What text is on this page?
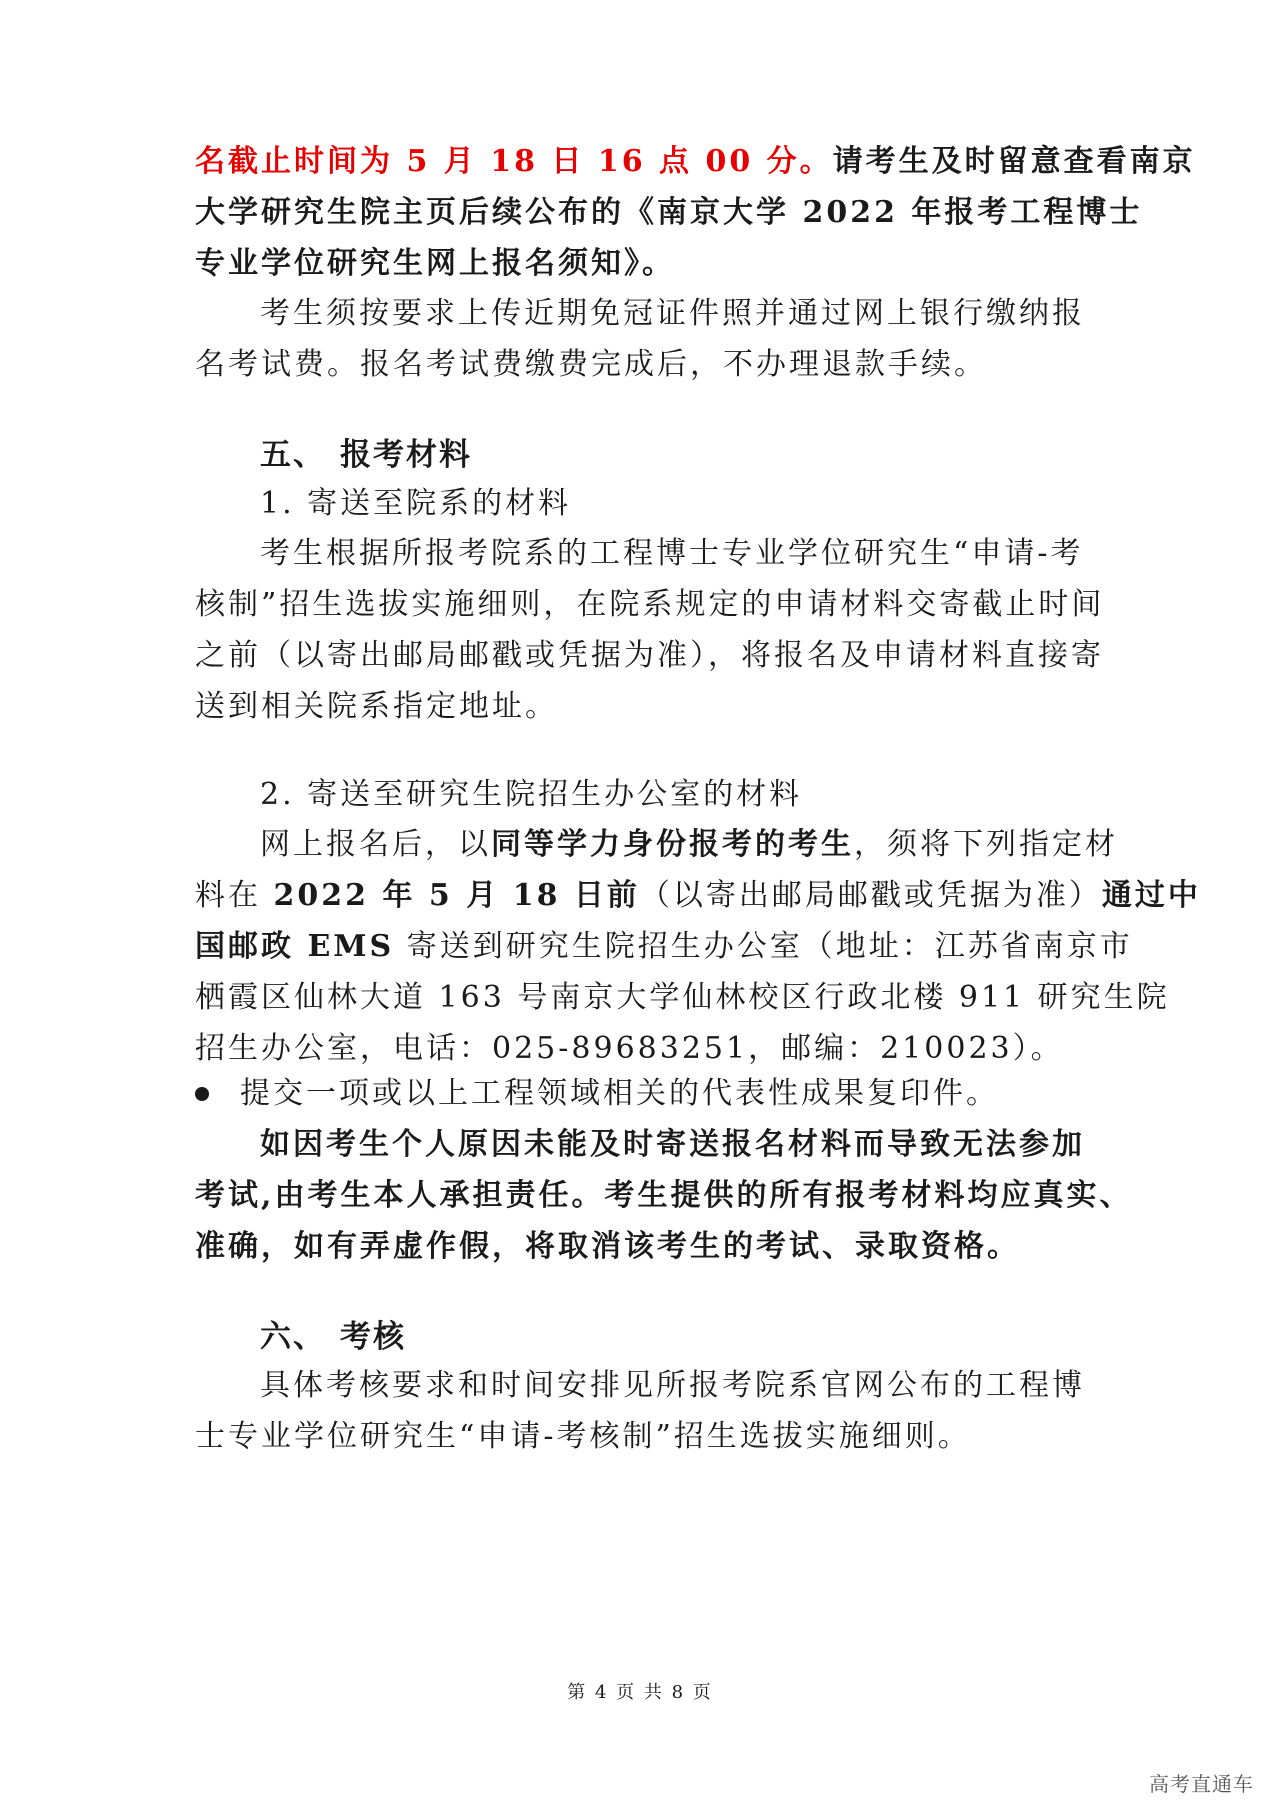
名截止时间为 5 月 18 日 16 点 00 分。请考生及时留意查看南京
大学研究生院主页后续公布的《南京大学 2022 年报考工程博士
专业学位研究生网上报名须知》。
考生须按要求上传近期免冠证件照并通过网上银行缴纳报
名考试费。报名考试费缴费完成后，不办理退款手续。
五、 报考材料
1. 寄送至院系的材料
考生根据所报考院系的工程博士专业学位研究生“申请-考
核制”招生选拔实施细则，在院系规定的申请材料交寄截止时间
之前（以寄出邮局邮戳或凭据为准），将报名及申请材料直接寄
送到相关院系指定地址。
2. 寄送至研究生院招生办公室的材料
网上报名后，以同等学力身份报考的考生，须将下列指定材
料在 2022 年 5 月 18 日前（以寄出邮局邮戳或凭据为准）通过中
国邮政 EMS 寄送到研究生院招生办公室（地址：江苏省南京市
栖霞区仙林大道 163 号南京大学仙林校区行政北楼 911 研究生院
招生办公室，电话：025-89683251，邮编：210023）。
提交一项或以上工程领域相关的代表性成果复印件。
如因考生个人原因未能及时寄送报名材料而导致无法参加
考试,由考生本人承担责任。考生提供的所有报考材料均应真实、
准确，如有弄虚作假，将取消该考生的考试、录取资格。
六、 考核
具体考核要求和时间安排见所报考院系官网公布的工程博
士专业学位研究生“申请-考核制”招生选拔实施细则。
第 4 页 共 8 页
高考直通车
